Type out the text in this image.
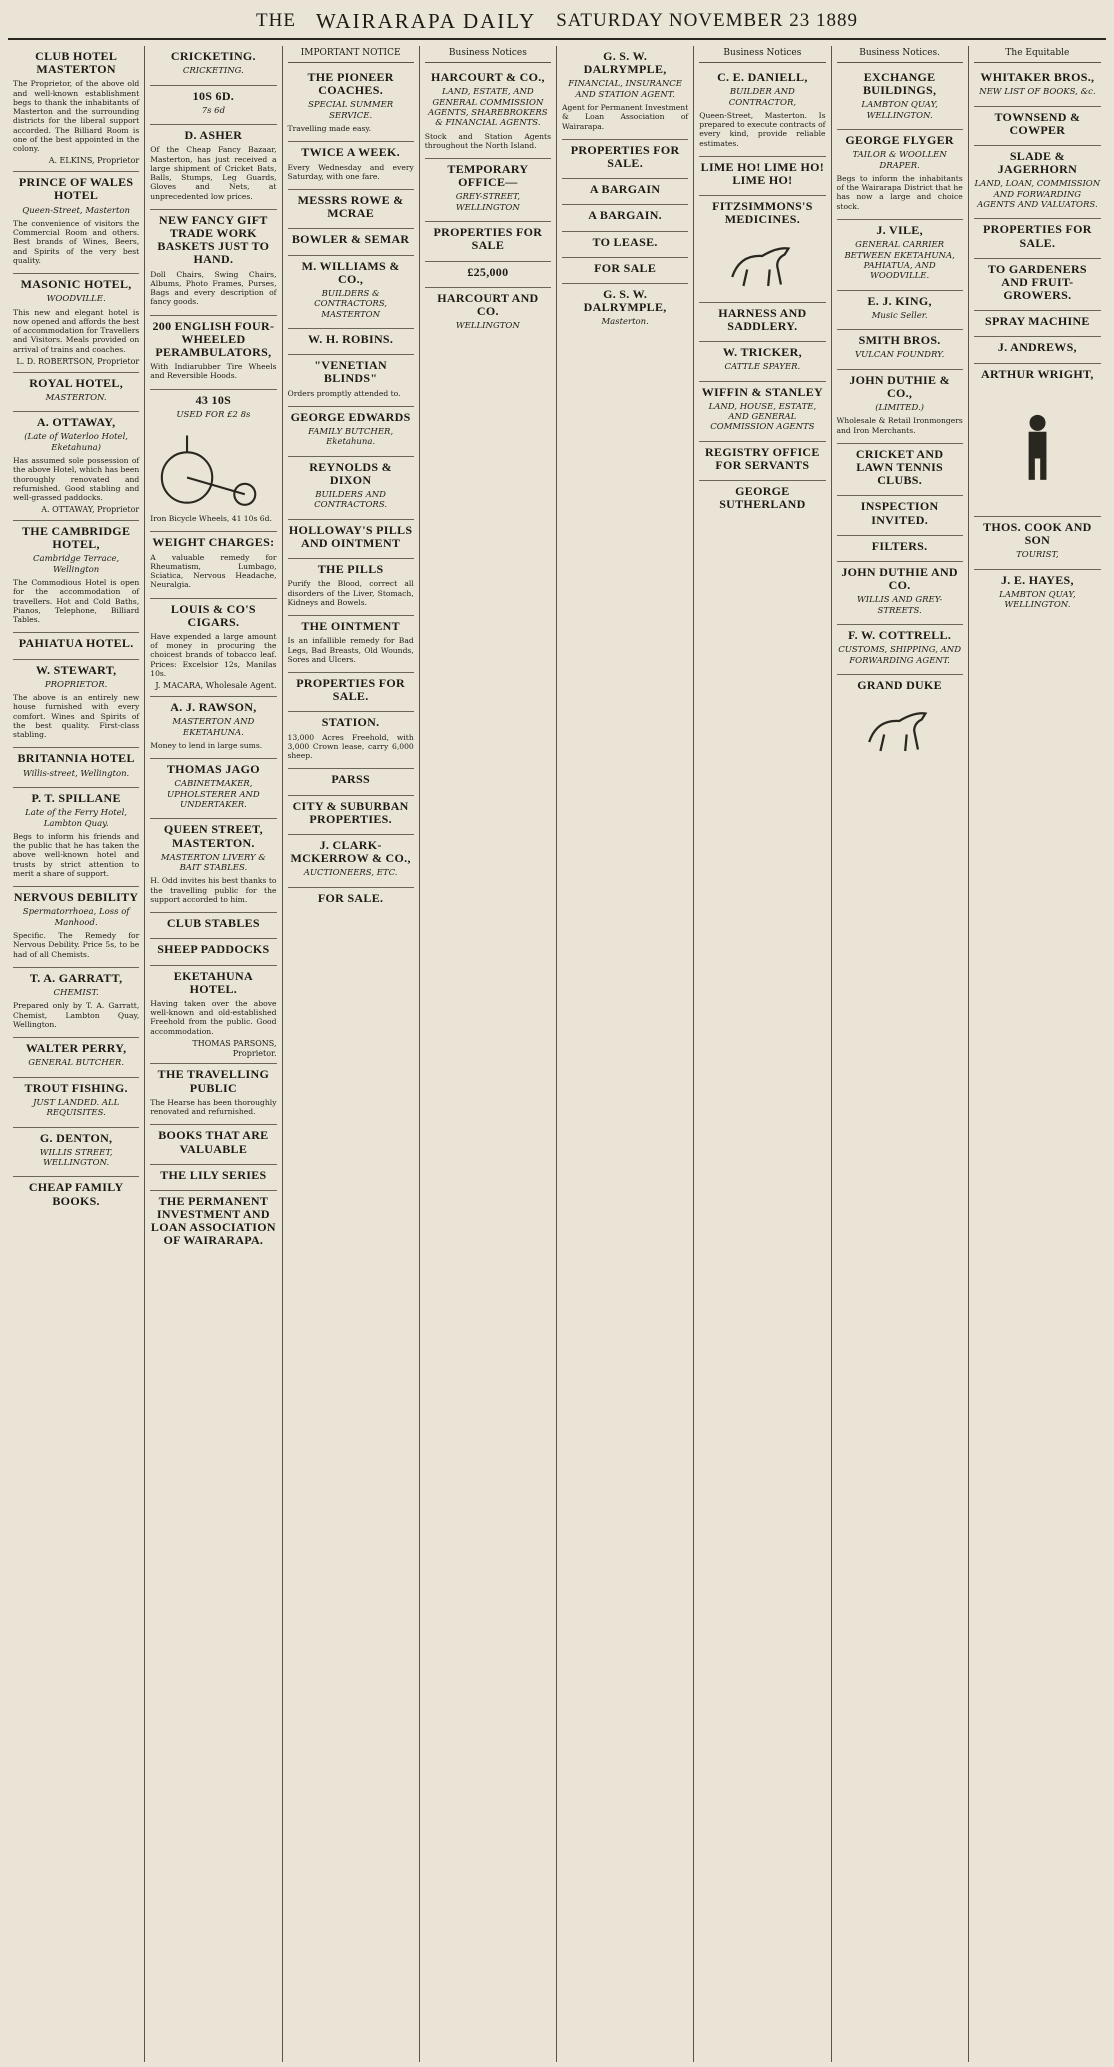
THE WAIRARAPA DAILY SATURDAY NOVEMBER 23 1889
CLUB HOTEL MASTERTON

The Proprietor, of the above old and well-known establishment begs to thank the inhabitants of Masterton and the surrounding districts for the liberal support accorded. The Billiard Room is one of the best appointed in the colony.

A. ELKINS, Proprietor

PRINCE OF WALES HOTEL
Queen-Street, Masterton

The convenience of visitors the Commercial Room and others. Best brands of Wines, Beers, and Spirits of the very best quality.

MASONIC HOTEL,
WOODVILLE.

This new and elegant hotel is now opened and affords the best of accommodation for Travellers and Visitors. Meals provided on arrival of trains and coaches.

L. D. ROBERTSON, Proprietor

ROYAL HOTEL,
MASTERTON.
A. OTTAWAY,
(Late of Waterloo Hotel, Eketahuna)

Has assumed sole possession of the above Hotel, which has been thoroughly renovated and refurnished. Good stabling and well-grassed paddocks.

A. OTTAWAY, Proprietor

THE CAMBRIDGE HOTEL,
Cambridge Terrace, Wellington

The Commodious Hotel is open for the accommodation of travellers. Hot and Cold Baths, Pianos, Telephone, Billiard Tables.

PAHIATUA HOTEL.
W. STEWART,
PROPRIETOR.

The above is an entirely new house furnished with every comfort. Wines and Spirits of the best quality. First-class stabling.

BRITANNIA HOTEL
Willis-street, Wellington.
P. T. SPILLANE
Late of the Ferry Hotel, Lambton Quay.

Begs to inform his friends and the public that he has taken the above well-known hotel and trusts by strict attention to merit a share of support.

NERVOUS DEBILITY
Spermatorrhoea, Loss of Manhood.

Specific. The Remedy for Nervous Debility. Price 5s, to be had of all Chemists.

T. A. GARRATT,
CHEMIST.

Prepared only by T. A. Garratt, Chemist, Lambton Quay, Wellington.

WALTER PERRY,
GENERAL BUTCHER.
TROUT FISHING.
JUST LANDED. ALL REQUISITES.
G. DENTON,
WILLIS STREET, WELLINGTON.
CHEAP FAMILY BOOKS.
CRICKETING.
CRICKETING.
10S 6D.
7s 6d
D. ASHER

Of the Cheap Fancy Bazaar, Masterton, has just received a large shipment of Cricket Bats, Balls, Stumps, Leg Guards, Gloves and Nets, at unprecedented low prices.

NEW FANCY GIFT TRADE WORK BASKETS JUST TO HAND.

Doll Chairs, Swing Chairs, Albums, Photo Frames, Purses, Bags and every description of fancy goods.

200 ENGLISH FOUR-WHEELED PERAMBULATORS,

With Indiarubber Tire Wheels and Reversible Hoods.

43 10S
USED FOR £2 8s

Iron Bicycle Wheels, 41 10s 6d.

WEIGHT CHARGES:

A valuable remedy for Rheumatism, Lumbago, Sciatica, Nervous Headache, Neuralgia.

LOUIS & CO'S CIGARS.

Have expended a large amount of money in procuring the choicest brands of tobacco leaf. Prices: Excelsior 12s, Manilas 10s.

J. MACARA, Wholesale Agent.

A. J. RAWSON,
MASTERTON AND EKETAHUNA.

Money to lend in large sums.

THOMAS JAGO
CABINETMAKER, UPHOLSTERER AND UNDERTAKER.
QUEEN STREET, MASTERTON.
MASTERTON LIVERY & BAIT STABLES.

H. Odd invites his best thanks to the travelling public for the support accorded to him.

CLUB STABLES
SHEEP PADDOCKS
EKETAHUNA HOTEL.

Having taken over the above well-known and old-established Freehold from the public. Good accommodation.

THOMAS PARSONS, Proprietor.

THE TRAVELLING PUBLIC

The Hearse has been thoroughly renovated and refurnished.

BOOKS THAT ARE VALUABLE
THE LILY SERIES
THE PERMANENT INVESTMENT AND LOAN ASSOCIATION OF WAIRARAPA.
IMPORTANT NOTICE
THE PIONEER COACHES.
SPECIAL SUMMER SERVICE.

Travelling made easy.

TWICE A WEEK.

Every Wednesday and every Saturday, with one fare.

MESSRS ROWE & MCRAE
BOWLER & SEMAR
M. WILLIAMS & CO.,
BUILDERS & CONTRACTORS, MASTERTON
W. H. ROBINS.
"VENETIAN BLINDS"

Orders promptly attended to.

GEORGE EDWARDS
FAMILY BUTCHER, Eketahuna.
REYNOLDS & DIXON
BUILDERS AND CONTRACTORS.
HOLLOWAY'S PILLS AND OINTMENT
THE PILLS

Purify the Blood, correct all disorders of the Liver, Stomach, Kidneys and Bowels.

THE OINTMENT

Is an infallible remedy for Bad Legs, Bad Breasts, Old Wounds, Sores and Ulcers.

PROPERTIES FOR SALE.
STATION.

13,000 Acres Freehold, with 3,000 Crown lease, carry 6,000 sheep.

PARSS
CITY & SUBURBAN PROPERTIES.
J. CLARK-MCKERROW & CO.,
AUCTIONEERS, ETC.
FOR SALE.
Business Notices
HARCOURT & CO.,
LAND, ESTATE, AND GENERAL COMMISSION AGENTS, SHAREBROKERS & FINANCIAL AGENTS.

Stock and Station Agents throughout the North Island.

TEMPORARY OFFICE—
GREY-STREET, WELLINGTON
PROPERTIES FOR SALE
£25,000
HARCOURT AND CO.
WELLINGTON
G. S. W. DALRYMPLE,
FINANCIAL, INSURANCE AND STATION AGENT.

Agent for Permanent Investment & Loan Association of Wairarapa.

PROPERTIES FOR SALE.
A BARGAIN
A BARGAIN.
TO LEASE.
FOR SALE
G. S. W. DALRYMPLE,
Masterton.
Business Notices
C. E. DANIELL,
BUILDER AND CONTRACTOR,

Queen-Street, Masterton. Is prepared to execute contracts of every kind, provide reliable estimates.

LIME HO! LIME HO! LIME HO!
FITZSIMMONS'S MEDICINES.
HARNESS AND SADDLERY.
W. TRICKER,
CATTLE SPAYER.
WIFFIN & STANLEY
LAND, HOUSE, ESTATE, AND GENERAL COMMISSION AGENTS
REGISTRY OFFICE FOR SERVANTS
GEORGE SUTHERLAND
Business Notices.
EXCHANGE BUILDINGS,
LAMBTON QUAY, WELLINGTON.
GEORGE FLYGER
TAILOR & WOOLLEN DRAPER.

Begs to inform the inhabitants of the Wairarapa District that he has now a large and choice stock.

J. VILE,
GENERAL CARRIER BETWEEN EKETAHUNA, PAHIATUA, AND WOODVILLE.
E. J. KING,
Music Seller.
SMITH BROS.
VULCAN FOUNDRY.
JOHN DUTHIE & CO.,
(LIMITED.)

Wholesale & Retail Ironmongers and Iron Merchants.

CRICKET AND LAWN TENNIS CLUBS.
INSPECTION INVITED.
FILTERS.
JOHN DUTHIE AND CO.
WILLIS AND GREY-STREETS.
F. W. COTTRELL.
CUSTOMS, SHIPPING, AND FORWARDING AGENT.
GRAND DUKE
The Equitable
WHITAKER BROS.,
NEW LIST OF BOOKS, &c.
TOWNSEND & COWPER
SLADE & JAGERHORN
LAND, LOAN, COMMISSION AND FORWARDING AGENTS AND VALUATORS.
PROPERTIES FOR SALE.
TO GARDENERS AND FRUIT-GROWERS.
SPRAY MACHINE
J. ANDREWS,
ARTHUR WRIGHT,
THOS. COOK AND SON
TOURIST,
J. E. HAYES,
LAMBTON QUAY, WELLINGTON.
